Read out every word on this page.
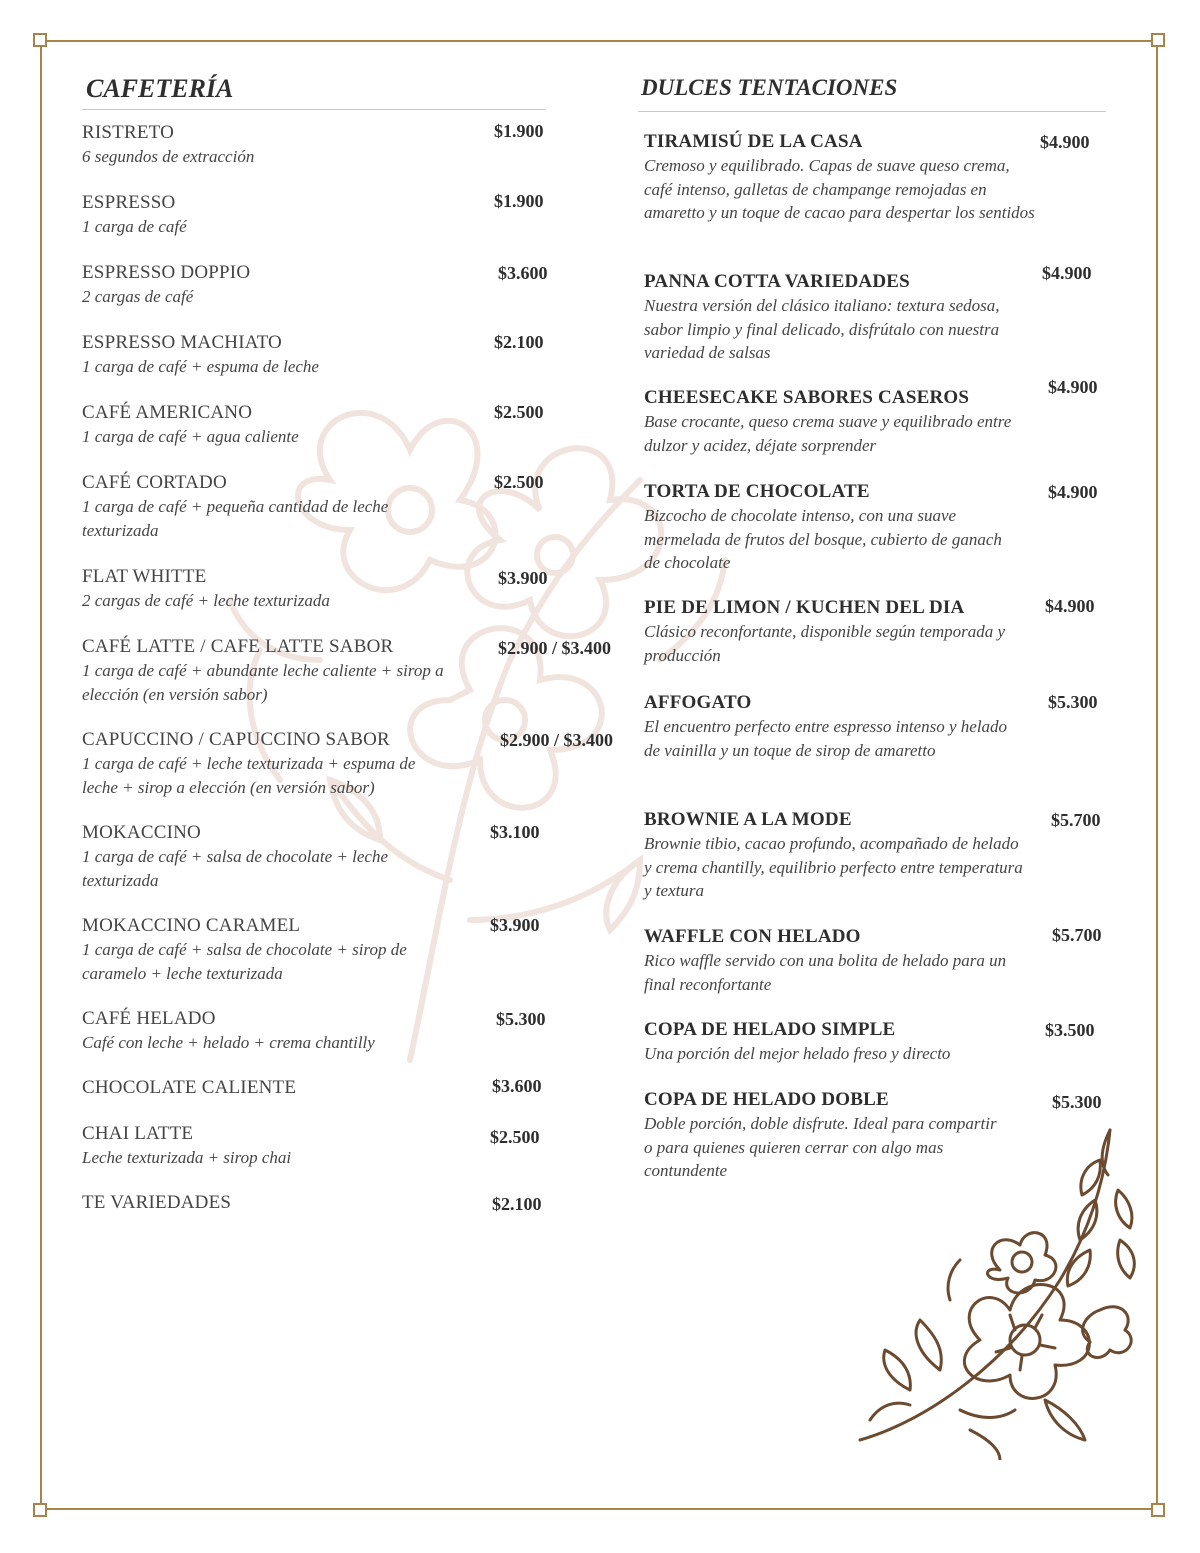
CAFETERÍA
RISTRETO
6 segundos de extracción
$1.900
ESPRESSO
1 carga de café
$1.900
ESPRESSO DOPPIO
2 cargas de café
$3.600
ESPRESSO MACHIATO
1 carga de café + espuma de leche
$2.100
CAFÉ AMERICANO
1 carga de café + agua caliente
$2.500
CAFÉ CORTADO
1 carga de café + pequeña cantidad de leche texturizada
$2.500
FLAT WHITTE
2 cargas de café + leche texturizada
$3.900
CAFÉ LATTE / CAFE LATTE SABOR
1 carga de café + abundante leche caliente + sirop a elección (en versión sabor)
$2.900 / $3.400
CAPUCCINO / CAPUCCINO SABOR
1 carga de café + leche texturizada + espuma de leche + sirop a elección (en versión sabor)
$2.900 / $3.400
MOKACCINO
1 carga de café + salsa de chocolate + leche texturizada
$3.100
MOKACCINO CARAMEL
1 carga de café + salsa de chocolate + sirop de caramelo + leche texturizada
$3.900
CAFÉ HELADO
Café con leche + helado + crema chantilly
$5.300
CHOCOLATE CALIENTE	$3.600
CHAI LATTE
Leche texturizada + sirop chai
$2.500
TE VARIEDADES	$2.100
DULCES TENTACIONES
TIRAMISÚ DE LA CASA
Cremoso y equilibrado. Capas de suave queso crema, café intenso, galletas de champange remojadas en amaretto y un toque de cacao para despertar los sentidos
$4.900
PANNA COTTA VARIEDADES
Nuestra versión del clásico italiano: textura sedosa, sabor limpio y final delicado, disfrútalo con nuestra variedad de salsas
$4.900
CHEESECAKE SABORES CASEROS
Base crocante, queso crema suave y equilibrado entre dulzor y acidez, déjate sorprender
$4.900
TORTA DE CHOCOLATE
Bizcocho de chocolate intenso, con una suave mermelada de frutos del bosque, cubierto de ganach de chocolate
$4.900
PIE DE LIMON / KUCHEN DEL DIA
Clásico reconfortante, disponible según temporada y producción
$4.900
AFFOGATO
El encuentro perfecto entre espresso intenso y helado de vainilla y un toque de sirop de amaretto
$5.300
BROWNIE A LA MODE
Brownie tibio, cacao profundo, acompañado de helado y crema chantilly, equilibrio perfecto entre temperatura y textura
$5.700
WAFFLE CON HELADO
Rico waffle servido con una bolita de helado para un final reconfortante
$5.700
COPA DE HELADO SIMPLE
Una porción del mejor helado freso y directo
$3.500
COPA DE HELADO DOBLE
Doble porción, doble disfrute. Ideal para compartir o para quienes quieren cerrar con algo mas contundente
$5.300
